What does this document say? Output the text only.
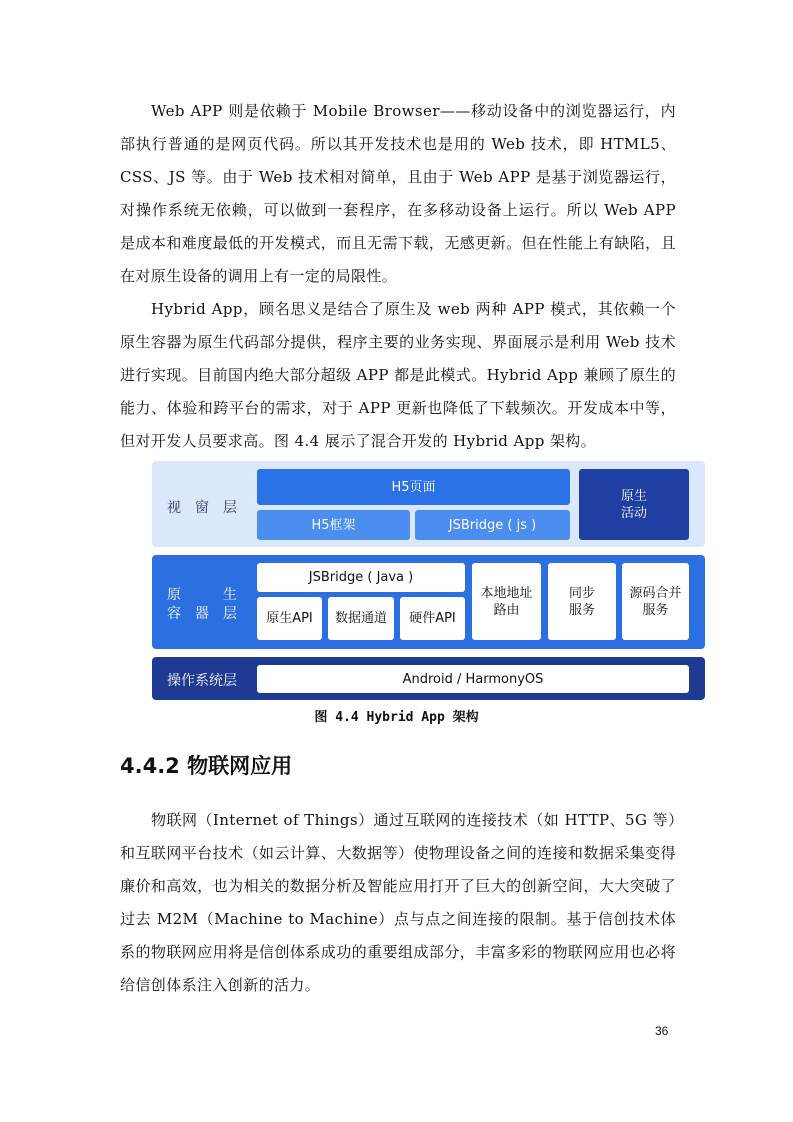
Web APP 则是依赖于 Mobile Browser——移动设备中的浏览器运行，内部执行普通的是网页代码。所以其开发技术也是用的 Web 技术，即 HTML5、CSS、JS 等。由于 Web 技术相对简单，且由于 Web APP 是基于浏览器运行，对操作系统无依赖，可以做到一套程序，在多移动设备上运行。所以 Web APP 是成本和难度最低的开发模式，而且无需下载，无感更新。但在性能上有缺陷，且在对原生设备的调用上有一定的局限性。

Hybrid App，顾名思义是结合了原生及 web 两种 APP 模式，其依赖一个原生容器为原生代码部分提供，程序主要的业务实现、界面展示是利用 Web 技术进行实现。目前国内绝大部分超级 APP 都是此模式。Hybrid App 兼顾了原生的能力、体验和跨平台的需求，对于 APP 更新也降低了下载频次。开发成本中等，但对开发人员要求高。图 4.4 展示了混合开发的 Hybrid App 架构。

视　窗　层
H5页面
H5框架	JSBridge ( js )
原生
活动
原　　　生
容　器　层
JSBridge ( Java )
原生API	数据通道	硬件API
本地地址
路由
同步
服务
源码合并
服务
操作系统层	Android / HarmonyOS
图 4.4 Hybrid App 架构
4.4.2 物联网应用

物联网（Internet of Things）通过互联网的连接技术（如 HTTP、5G 等）和互联网平台技术（如云计算、大数据等）使物理设备之间的连接和数据采集变得廉价和高效，也为相关的数据分析及智能应用打开了巨大的创新空间，大大突破了过去 M2M（Machine to Machine）点与点之间连接的限制。基于信创技术体系的物联网应用将是信创体系成功的重要组成部分，丰富多彩的物联网应用也必将给信创体系注入创新的活力。

36
